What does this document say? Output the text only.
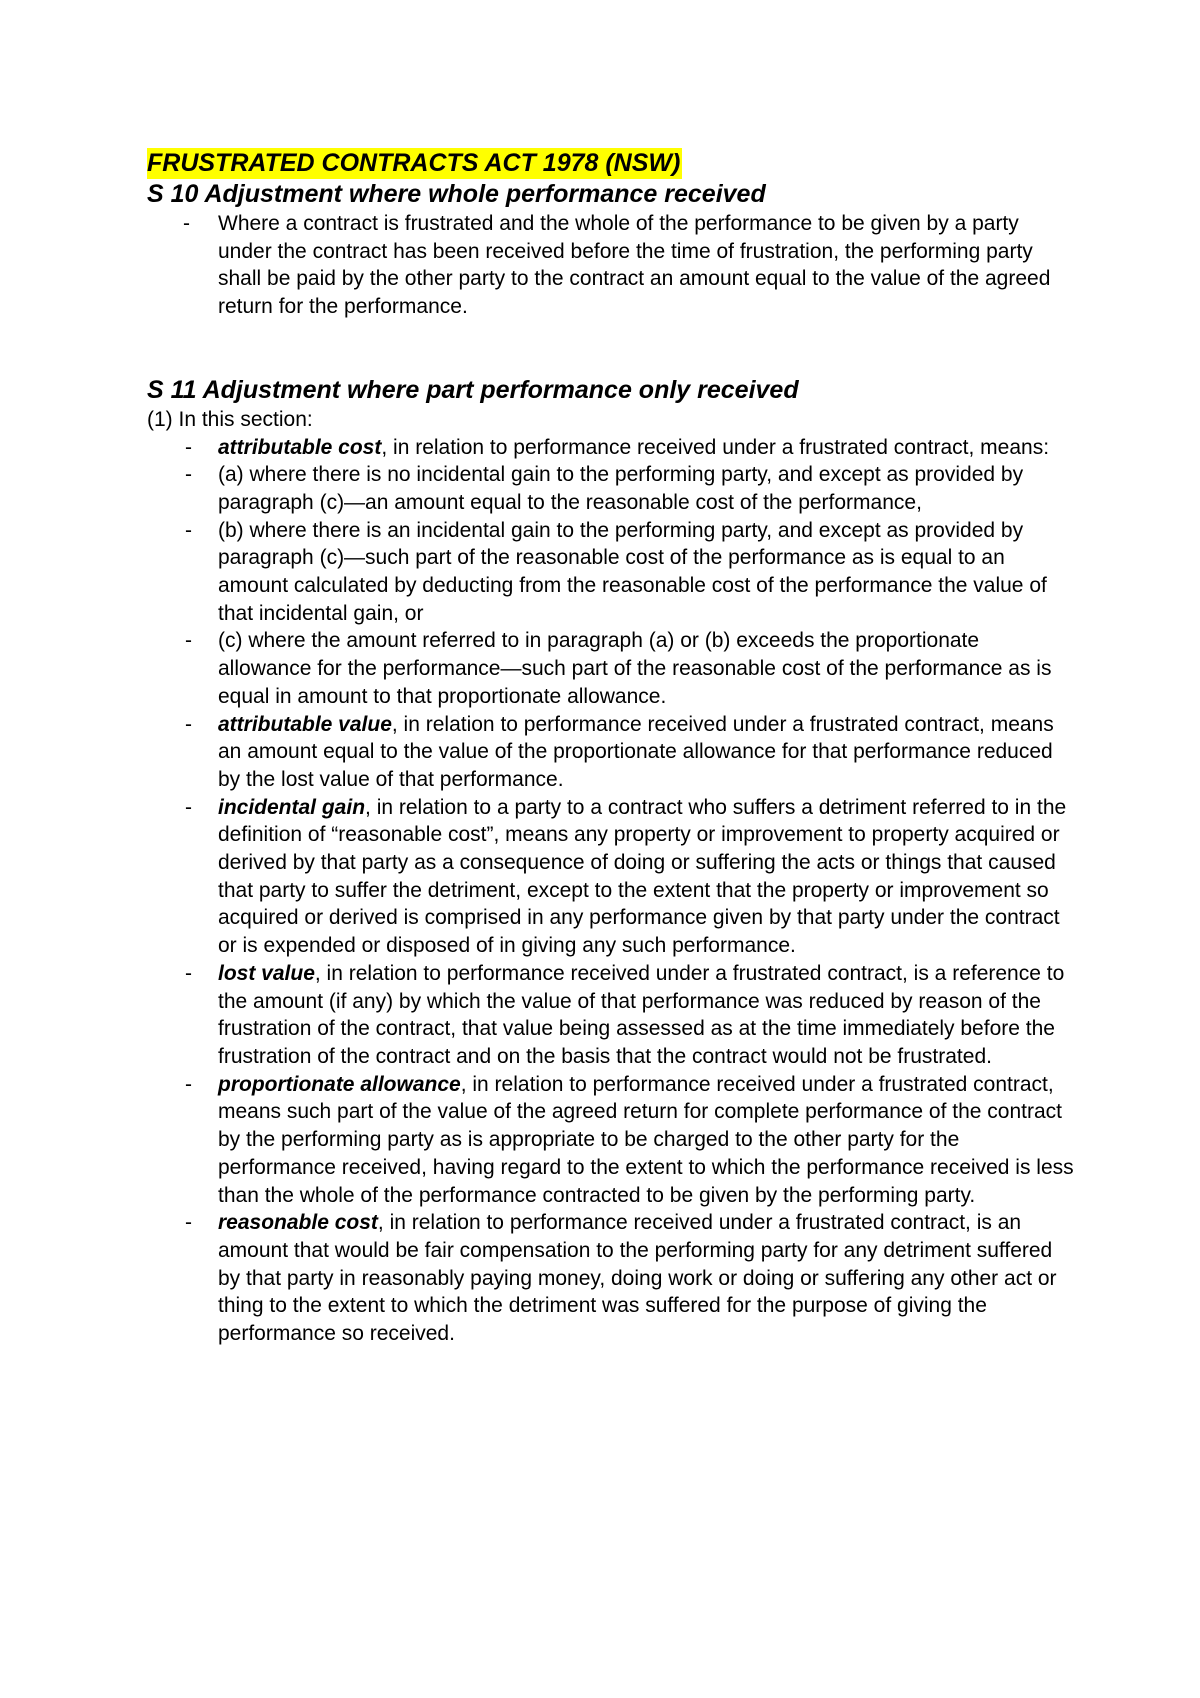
FRUSTRATED CONTRACTS ACT 1978 (NSW)
S 10 Adjustment where whole performance received
- Where a contract is frustrated and the whole of the performance to be given by a party under the contract has been received before the time of frustration, the performing party shall be paid by the other party to the contract an amount equal to the value of the agreed return for the performance.
S 11 Adjustment where part performance only received

(1) In this section:

- attributable cost, in relation to performance received under a frustrated contract, means:
- (a) where there is no incidental gain to the performing party, and except as provided by paragraph (c)—an amount equal to the reasonable cost of the performance,
- (b) where there is an incidental gain to the performing party, and except as provided by paragraph (c)—such part of the reasonable cost of the performance as is equal to an amount calculated by deducting from the reasonable cost of the performance the value of that incidental gain, or
- (c) where the amount referred to in paragraph (a) or (b) exceeds the proportionate allowance for the performance—such part of the reasonable cost of the performance as is equal in amount to that proportionate allowance.
- attributable value, in relation to performance received under a frustrated contract, means an amount equal to the value of the proportionate allowance for that performance reduced by the lost value of that performance.
- incidental gain, in relation to a party to a contract who suffers a detriment referred to in the definition of “reasonable cost”, means any property or improvement to property acquired or derived by that party as a consequence of doing or suffering the acts or things that caused that party to suffer the detriment, except to the extent that the property or improvement so acquired or derived is comprised in any performance given by that party under the contract or is expended or disposed of in giving any such performance.
- lost value, in relation to performance received under a frustrated contract, is a reference to the amount (if any) by which the value of that performance was reduced by reason of the frustration of the contract, that value being assessed as at the time immediately before the frustration of the contract and on the basis that the contract would not be frustrated.
- proportionate allowance, in relation to performance received under a frustrated contract, means such part of the value of the agreed return for complete performance of the contract by the performing party as is appropriate to be charged to the other party for the performance received, having regard to the extent to which the performance received is less than the whole of the performance contracted to be given by the performing party.
- reasonable cost, in relation to performance received under a frustrated contract, is an amount that would be fair compensation to the performing party for any detriment suffered by that party in reasonably paying money, doing work or doing or suffering any other act or thing to the extent to which the detriment was suffered for the purpose of giving the performance so received.
